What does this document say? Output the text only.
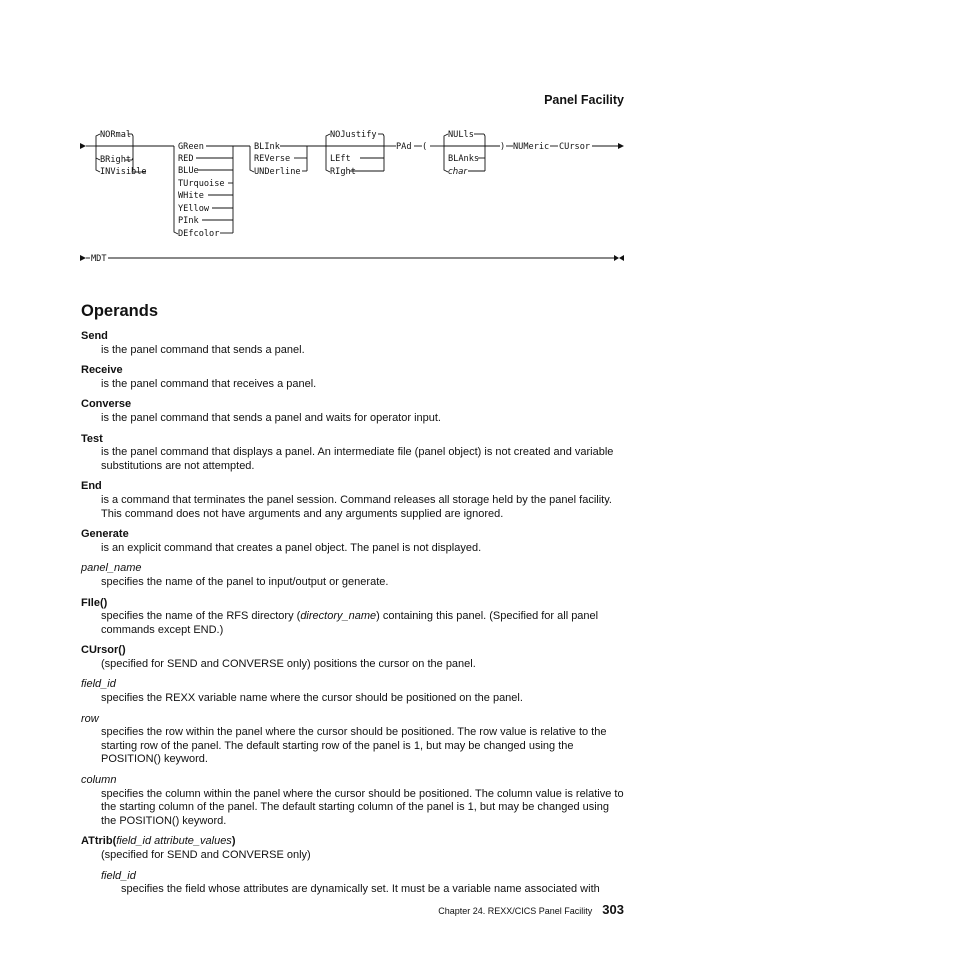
Panel Facility
NORmal
BRight
INVisible
GReen
RED
BLUe
TUrquoise
WHite
YEllow
PInk
DEfcolor
BLInk
REVerse
UNDerline
NOJustify
LEft
RIght
PAd (
NULls
BLAnks
char
) NUMeric CUrsor
MDT
Operands
Send
is the panel command that sends a panel.
Receive
is the panel command that receives a panel.
Converse
is the panel command that sends a panel and waits for operator input.
Test
is the panel command that displays a panel. An intermediate file (panel object) is not created and variable substitutions are not attempted.
End
is a command that terminates the panel session. Command releases all storage held by the panel facility. This command does not have arguments and any arguments supplied are ignored.
Generate
is an explicit command that creates a panel object. The panel is not displayed.
panel_name
specifies the name of the panel to input/output or generate.
FIle()
specifies the name of the RFS directory (directory_name) containing this panel. (Specified for all panel commands except END.)
CUrsor()
(specified for SEND and CONVERSE only) positions the cursor on the panel.
field_id
specifies the REXX variable name where the cursor should be positioned on the panel.
row
specifies the row within the panel where the cursor should be positioned. The row value is relative to the starting row of the panel. The default starting row of the panel is 1, but may be changed using the POSITION() keyword.
column
specifies the column within the panel where the cursor should be positioned. The column value is relative to the starting column of the panel. The default starting column of the panel is 1, but may be changed using the POSITION() keyword.
ATtrib(field_id attribute_values)
(specified for SEND and CONVERSE only)
field_id
specifies the field whose attributes are dynamically set. It must be a variable name associated with
Chapter 24. REXX/CICS Panel Facility 303
